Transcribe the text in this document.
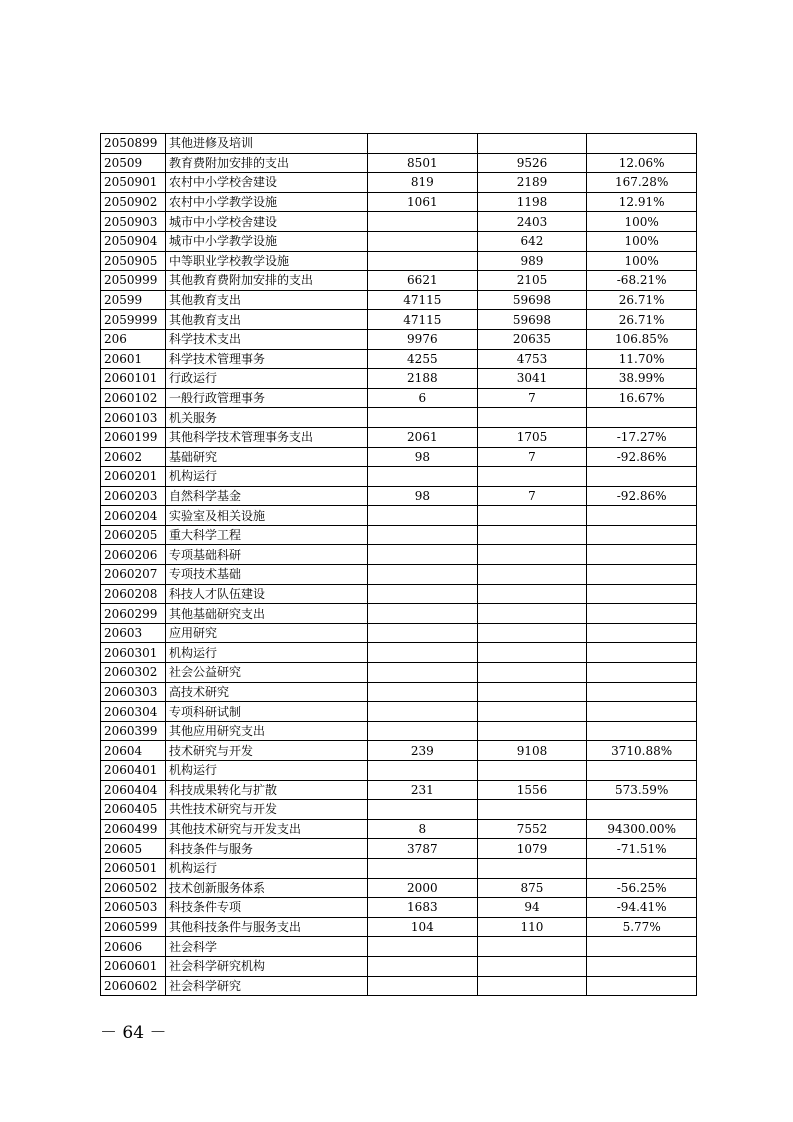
2050899	其他进修及培训			
20509	教育费附加安排的支出	8501	9526	12.06%
2050901	农村中小学校舍建设	819	2189	167.28%
2050902	农村中小学教学设施	1061	1198	12.91%
2050903	城市中小学校舍建设		2403	100%
2050904	城市中小学教学设施		642	100%
2050905	中等职业学校教学设施		989	100%
2050999	其他教育费附加安排的支出	6621	2105	-68.21%
20599	其他教育支出	47115	59698	26.71%
2059999	其他教育支出	47115	59698	26.71%
206	科学技术支出	9976	20635	106.85%
20601	科学技术管理事务	4255	4753	11.70%
2060101	行政运行	2188	3041	38.99%
2060102	一般行政管理事务	6	7	16.67%
2060103	机关服务			
2060199	其他科学技术管理事务支出	2061	1705	-17.27%
20602	基础研究	98	7	-92.86%
2060201	机构运行			
2060203	自然科学基金	98	7	-92.86%
2060204	实验室及相关设施			
2060205	重大科学工程			
2060206	专项基础科研			
2060207	专项技术基础			
2060208	科技人才队伍建设			
2060299	其他基础研究支出			
20603	应用研究			
2060301	机构运行			
2060302	社会公益研究			
2060303	高技术研究			
2060304	专项科研试制			
2060399	其他应用研究支出			
20604	技术研究与开发	239	9108	3710.88%
2060401	机构运行			
2060404	科技成果转化与扩散	231	1556	573.59%
2060405	共性技术研究与开发			
2060499	其他技术研究与开发支出	8	7552	94300.00%
20605	科技条件与服务	3787	1079	-71.51%
2060501	机构运行			
2060502	技术创新服务体系	2000	875	-56.25%
2060503	科技条件专项	1683	94	-94.41%
2060599	其他科技条件与服务支出	104	110	5.77%
20606	社会科学			
2060601	社会科学研究机构			
2060602	社会科学研究			
－ 64 －
